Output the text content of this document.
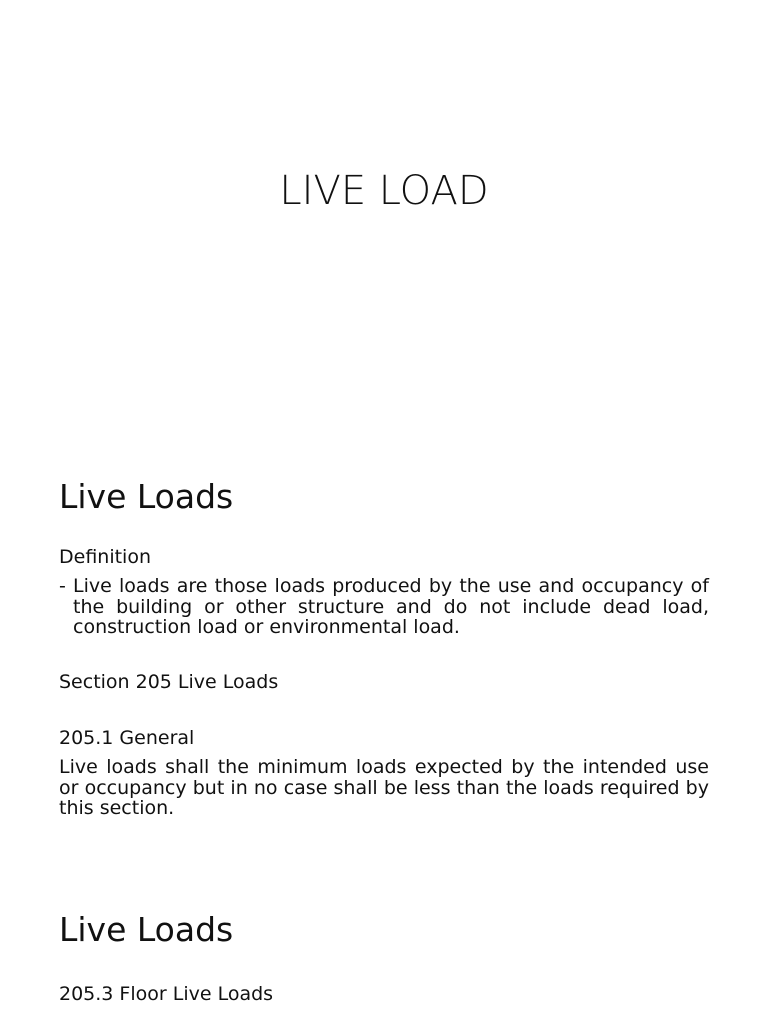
LIVE LOAD
Live Loads

Definition

- Live loads are those loads produced by the use and occupancy of the building or other structure and do not include dead load, construction load or environmental load.

Section 205 Live Loads

205.1 General

Live loads shall the minimum loads expected by the intended use or occupancy but in no case shall be less than the loads required by this section.

Live Loads

205.3 Floor Live Loads
